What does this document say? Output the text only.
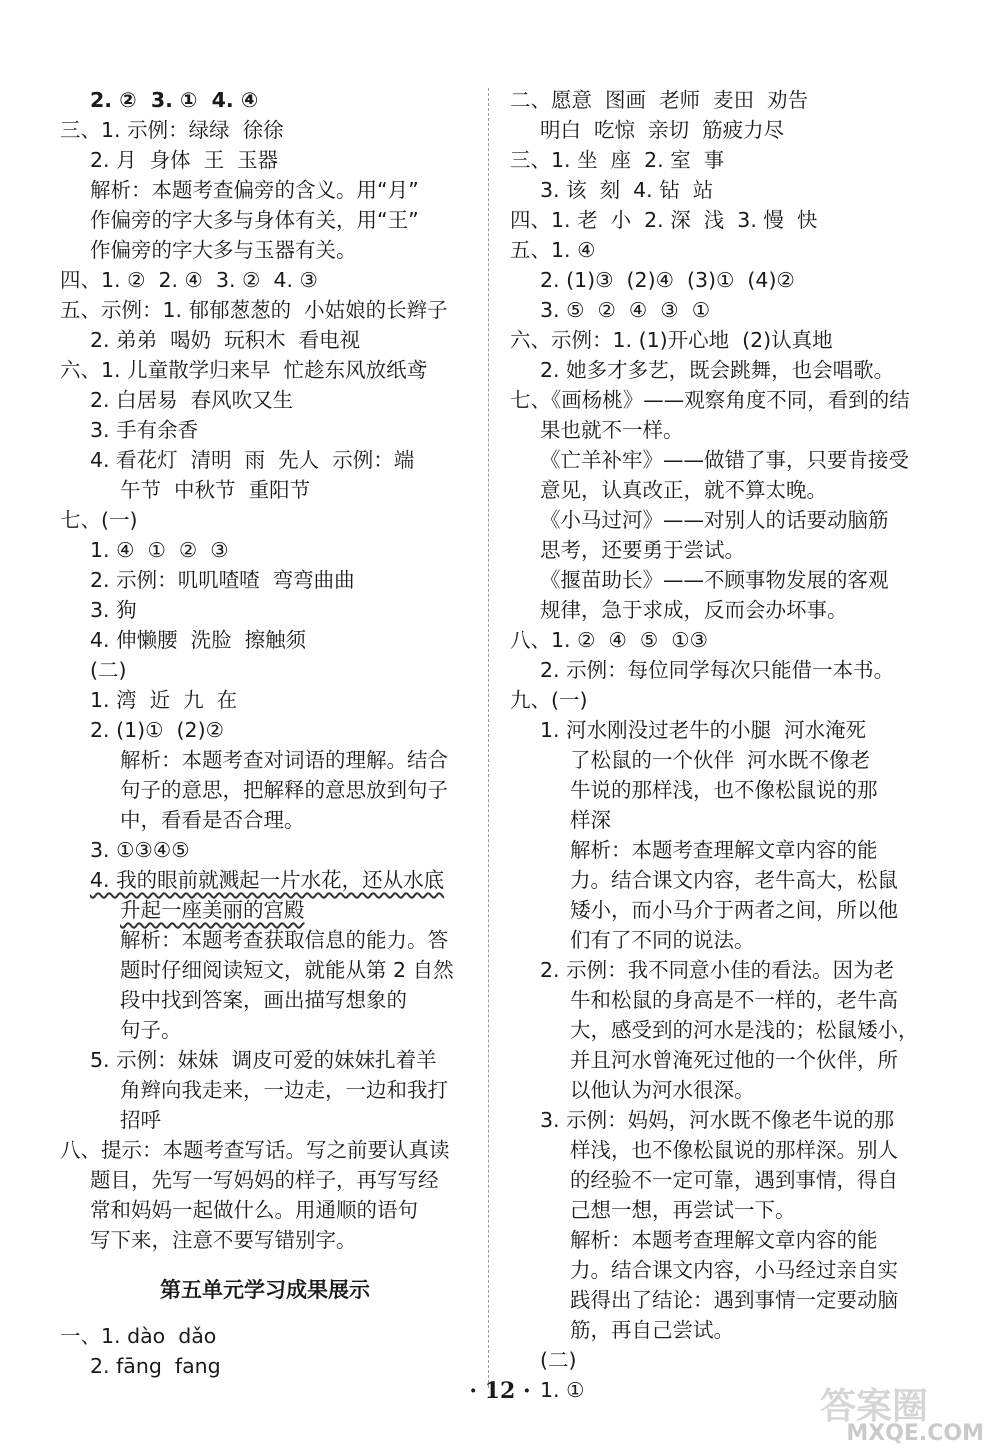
2. ②  3. ①  4. ④
三、1. 示例：绿绿  徐徐
2. 月  身体  王  玉器
解析：本题考查偏旁的含义。用“月”
作偏旁的字大多与身体有关，用“王”
作偏旁的字大多与玉器有关。
四、1. ②  2. ④  3. ②  4. ③
五、示例：1. 郁郁葱葱的  小姑娘的长辫子
2. 弟弟  喝奶  玩积木  看电视
六、1. 儿童散学归来早  忙趁东风放纸鸢
2. 白居易  春风吹又生
3. 手有余香
4. 看花灯  清明  雨  先人  示例：端
午节  中秋节  重阳节
七、(一)
1. ④  ①  ②  ③
2. 示例：叽叽喳喳  弯弯曲曲
3. 狗
4. 伸懒腰  洗脸  擦触须
(二)
1. 湾  近  九  在
2. (1)①  (2)②
解析：本题考查对词语的理解。结合
句子的意思，把解释的意思放到句子
中，看看是否合理。
3. ①③④⑤
4. 我的眼前就溅起一片水花，还从水底
升起一座美丽的宫殿
解析：本题考查获取信息的能力。答
题时仔细阅读短文，就能从第 2 自然
段中找到答案，画出描写想象的
句子。
5. 示例：妹妹  调皮可爱的妹妹扎着羊
角辫向我走来，一边走，一边和我打
招呼
八、提示：本题考查写话。写之前要认真读
题目，先写一写妈妈的样子，再写写经
常和妈妈一起做什么。用通顺的语句
写下来，注意不要写错别字。
第五单元学习成果展示
一、1. dào  dǎo
2. fāng  fang
二、愿意  图画  老师  麦田  劝告
明白  吃惊  亲切  筋疲力尽
三、1. 坐  座  2. 室  事
3. 该  刻  4. 钻  站
四、1. 老  小  2. 深  浅  3. 慢  快
五、1. ④
2. (1)③  (2)④  (3)①  (4)②
3. ⑤  ②  ④  ③  ①
六、示例：1. (1)开心地  (2)认真地
2. 她多才多艺，既会跳舞，也会唱歌。
七、《画杨桃》——观察角度不同，看到的结
果也就不一样。
《亡羊补牢》——做错了事，只要肯接受
意见，认真改正，就不算太晚。
《小马过河》——对别人的话要动脑筋
思考，还要勇于尝试。
《揠苗助长》——不顾事物发展的客观
规律，急于求成，反而会办坏事。
八、1. ②  ④  ⑤  ①③
2. 示例：每位同学每次只能借一本书。
九、(一)
1. 河水刚没过老牛的小腿  河水淹死
了松鼠的一个伙伴  河水既不像老
牛说的那样浅，也不像松鼠说的那
样深
解析：本题考查理解文章内容的能
力。结合课文内容，老牛高大，松鼠
矮小，而小马介于两者之间，所以他
们有了不同的说法。
2. 示例：我不同意小佳的看法。因为老
牛和松鼠的身高是不一样的，老牛高
大，感受到的河水是浅的；松鼠矮小，
并且河水曾淹死过他的一个伙伴，所
以他认为河水很深。
3. 示例：妈妈，河水既不像老牛说的那
样浅，也不像松鼠说的那样深。别人
的经验不一定可靠，遇到事情，得自
己想一想，再尝试一下。
解析：本题考查理解文章内容的能
力。结合课文内容，小马经过亲自实
践得出了结论：遇到事情一定要动脑
筋，再自己尝试。
(二)
1. ①
· 12 ·	答案圈
MXQE.COM
